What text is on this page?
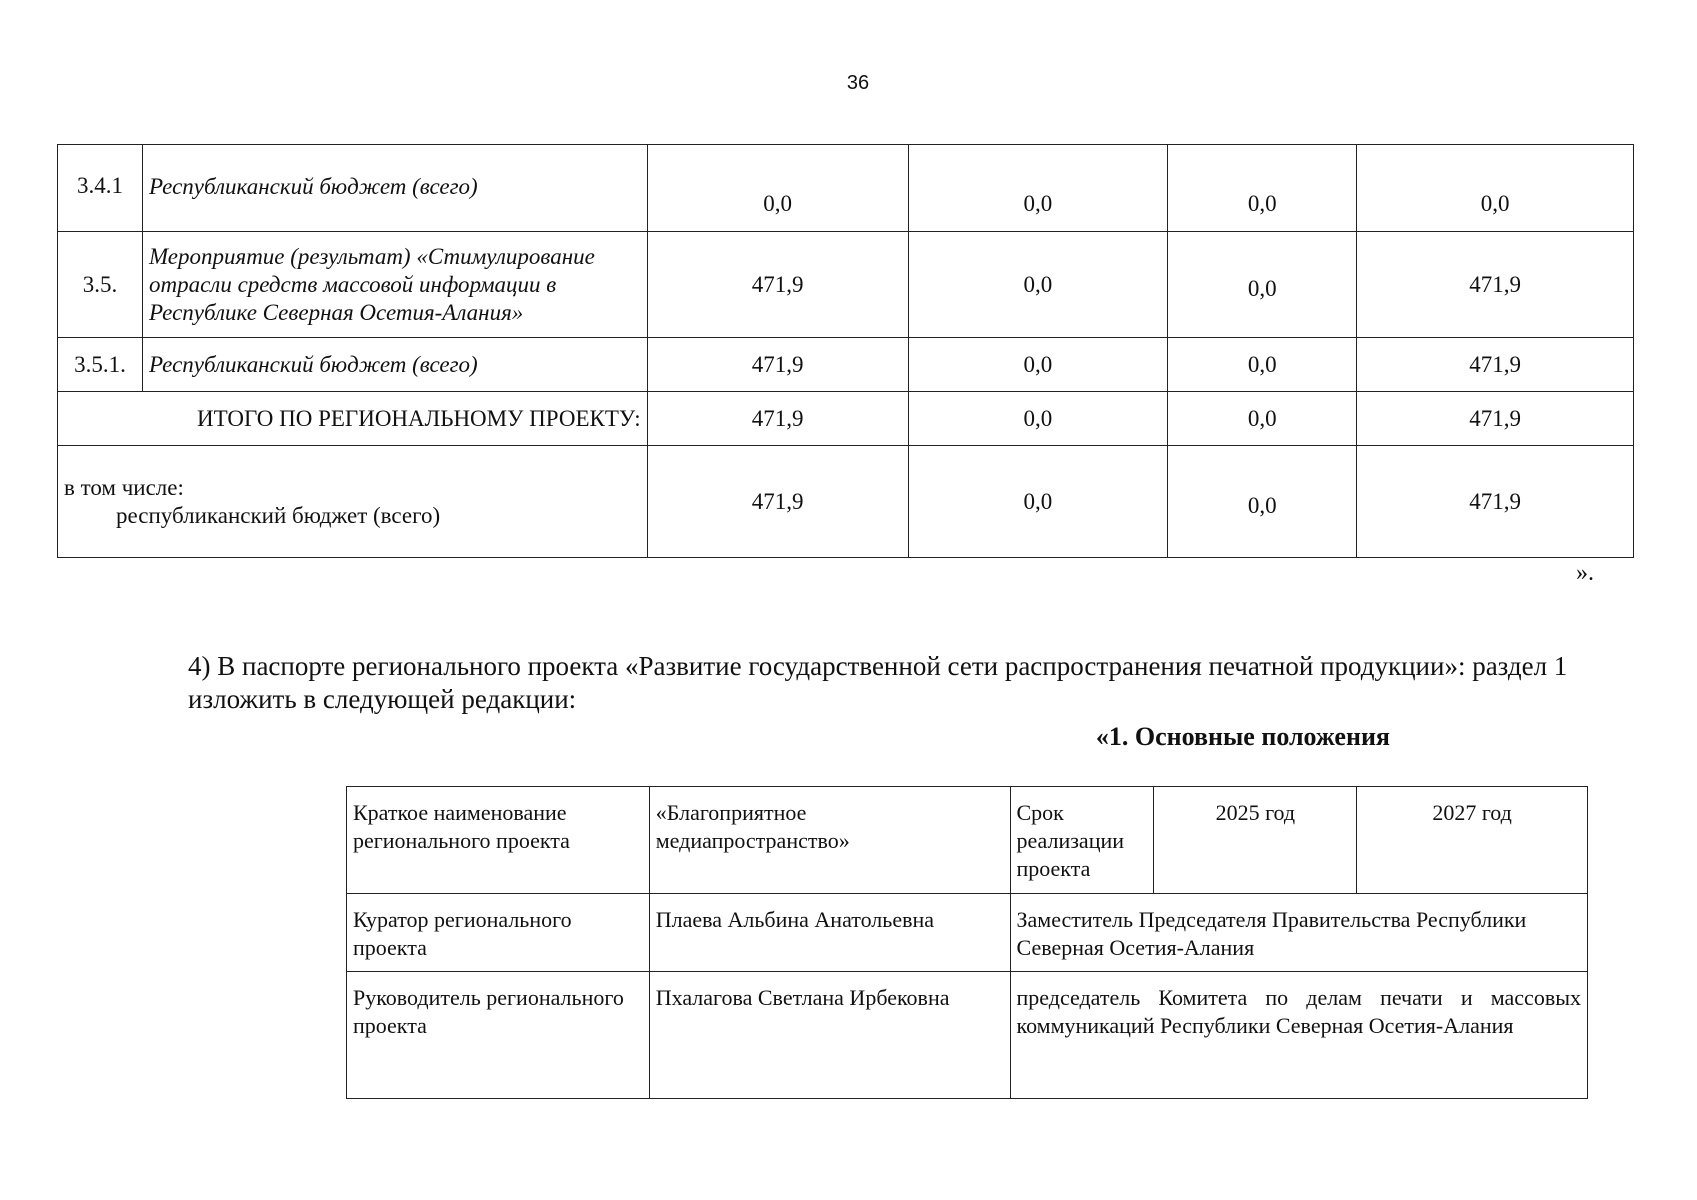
36
3.4.1	Республиканский бюджет (всего)	0,0	0,0	0,0	0,0
3.5.	Мероприятие (результат) «Стимулирование отрасли средств массовой информации в Республике Северная Осетия-Алания»	471,9	0,0	0,0	471,9
3.5.1.	Республиканский бюджет (всего)	471,9	0,0	0,0	471,9
ИТОГО ПО РЕГИОНАЛЬНОМУ ПРОЕКТУ:		471,9	0,0	0,0	471,9
в том числе:
республиканский бюджет (всего)		471,9	0,0	0,0	471,9
».
4) В паспорте регионального проекта «Развитие государственной сети распространения печатной продукции»: раздел 1 изложить в следующей редакции:
«1. Основные положения
Краткое наименование регионального проекта	«Благоприятное медиапространство»	Срок реализации проекта	2025 год	2027 год
Куратор регионального проекта	Плаева Альбина Анатольевна	Заместитель Председателя Правительства Республики Северная Осетия-Алания		
Руководитель регионального проекта	Пхалагова Светлана Ирбековна	председатель Комитета по делам печати и массовых коммуникаций Республики Северная Осетия-Алания		
